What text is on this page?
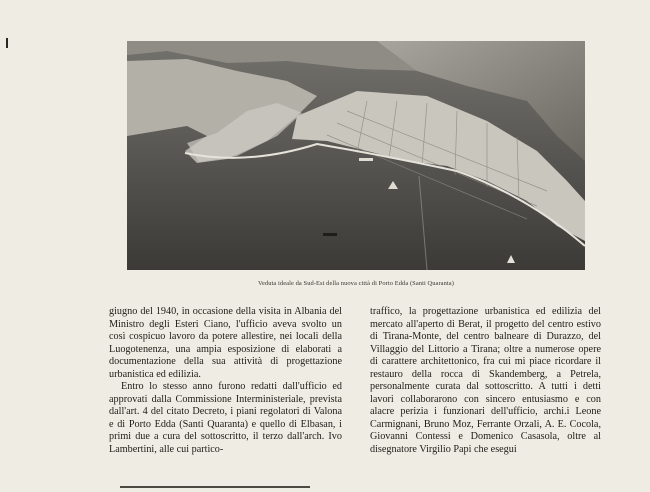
Veduta ideale da Sud-Est della nuova città di Porto Edda (Santi Quaranta)

giugno del 1940, in occasione della visita in Albania del Ministro degli Esteri Ciano, l'ufficio aveva svolto un così cospicuo lavoro da potere allestire, nei locali della Luogotenenza, una ampia esposizione di elaborati a documentazione della sua attività di progettazione urbanistica ed edilizia.

Entro lo stesso anno furono redatti dall'ufficio ed approvati dalla Commissione Interministeriale, prevista dall'art. 4 del citato Decreto, i piani regolatori di Valona e di Porto Edda (Santi Quaranta) e quello di Elbasan, i primi due a cura del sottoscritto, il terzo dall'arch. Ivo Lambertini, alle cui partico-

traffico, la progettazione urbanistica ed edilizia del mercato all'aperto di Berat, il progetto del centro estivo di Tirana-Monte, del centro balneare di Durazzo, del Villaggio del Littorio a Tirana; oltre a numerose opere di carattere architettonico, fra cui mi piace ricordare il restauro della rocca di Skandemberg, a Petrela, personalmente curata dal sottoscritto. A tutti i detti lavori collaborarono con sincero entusiasmo e con alacre perizia i funzionari dell'ufficio, archi.i Leone Carmignani, Bruno Moz, Ferrante Orzali, A. E. Cocola, Giovanni Contessi e Domenico Casasola, oltre al disegnatore Virgilio Papi che esegui
